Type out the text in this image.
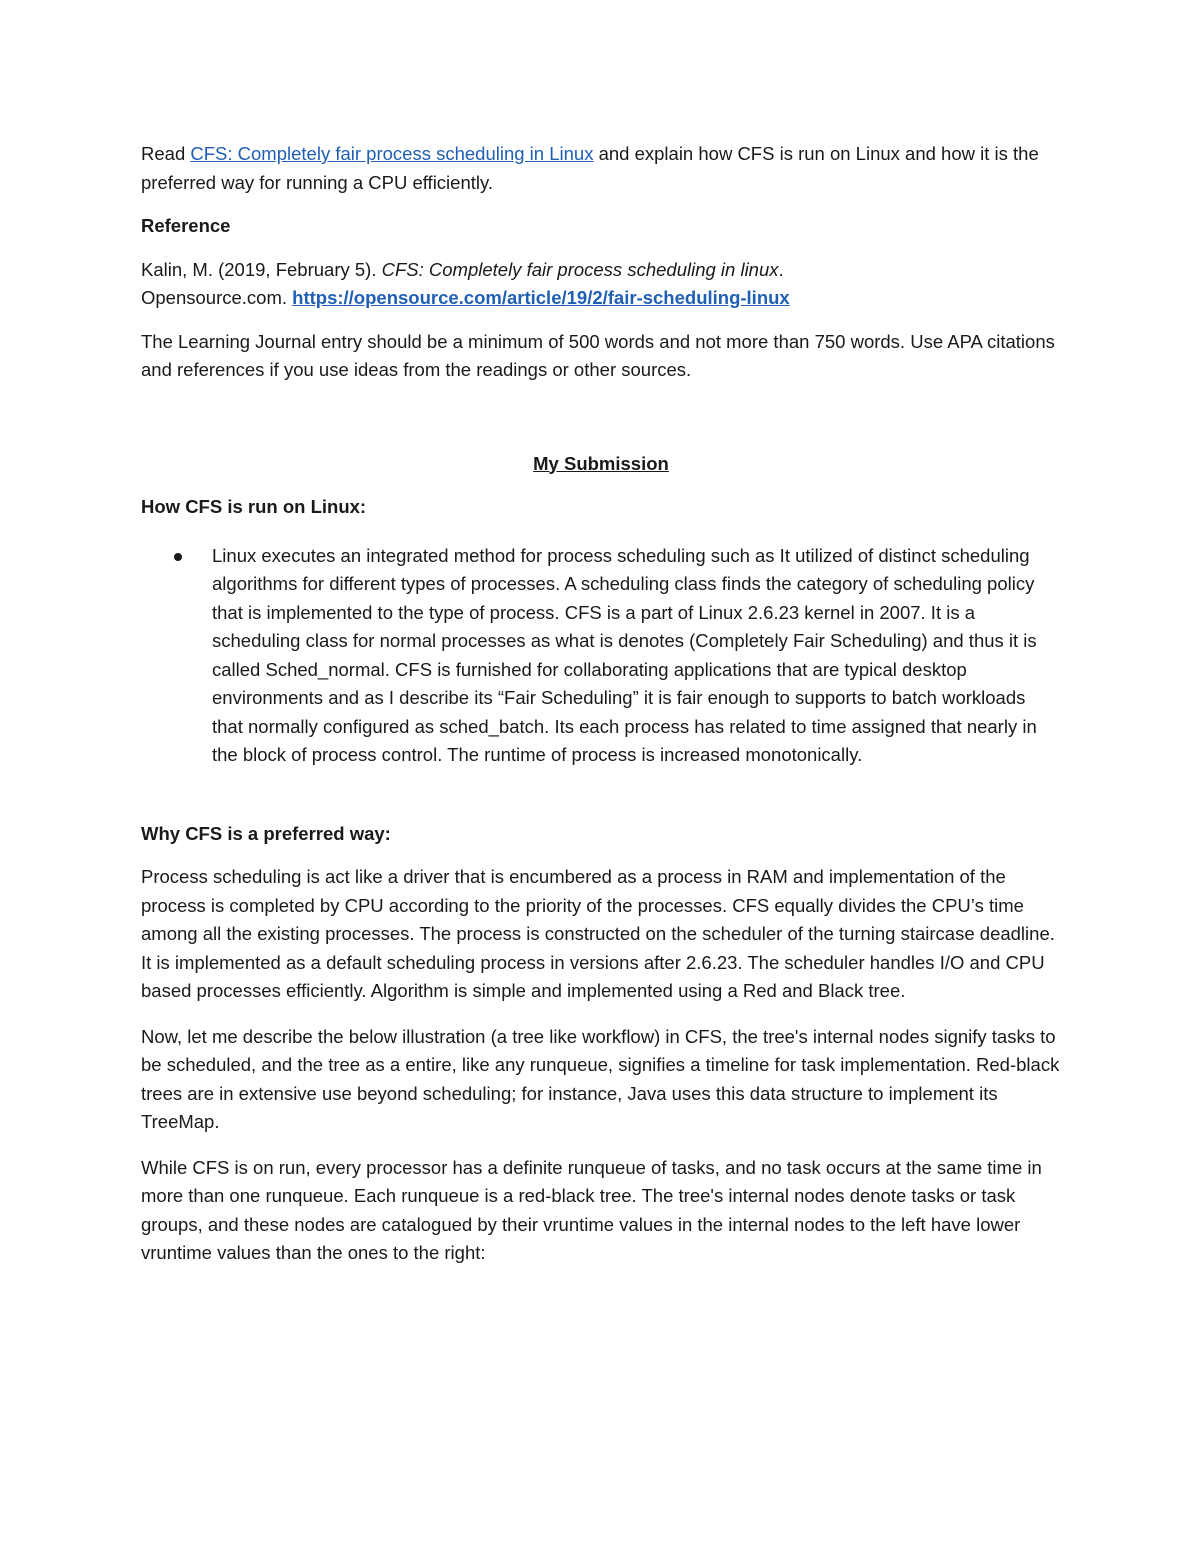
Read CFS: Completely fair process scheduling in Linux and explain how CFS is run on Linux and how it is the preferred way for running a CPU efficiently.

Reference

Kalin, M. (2019, February 5). CFS: Completely fair process scheduling in linux.
Opensource.com. https://opensource.com/article/19/2/fair-scheduling-linux

The Learning Journal entry should be a minimum of 500 words and not more than 750 words. Use APA citations and references if you use ideas from the readings or other sources.

My Submission

How CFS is run on Linux:

Linux executes an integrated method for process scheduling such as It utilized of distinct scheduling algorithms for different types of processes. A scheduling class finds the category of scheduling policy that is implemented to the type of process. CFS is a part of Linux 2.6.23 kernel in 2007. It is a scheduling class for normal processes as what is denotes (Completely Fair Scheduling) and thus it is called Sched_normal. CFS is furnished for collaborating applications that are typical desktop environments and as I describe its “Fair Scheduling” it is fair enough to supports to batch workloads that normally configured as sched_batch. Its each process has related to time assigned that nearly in the block of process control. The runtime of process is increased monotonically.

Why CFS is a preferred way:

Process scheduling is act like a driver that is encumbered as a process in RAM and implementation of the process is completed by CPU according to the priority of the processes. CFS equally divides the CPU’s time among all the existing processes. The process is constructed on the scheduler of the turning staircase deadline. It is implemented as a default scheduling process in versions after 2.6.23. The scheduler handles I/O and CPU based processes efficiently. Algorithm is simple and implemented using a Red and Black tree.

Now, let me describe the below illustration (a tree like workflow) in CFS, the tree's internal nodes signify tasks to be scheduled, and the tree as a entire, like any runqueue, signifies a timeline for task implementation. Red-black trees are in extensive use beyond scheduling; for instance, Java uses this data structure to implement its TreeMap.

While CFS is on run, every processor has a definite runqueue of tasks, and no task occurs at the same time in more than one runqueue. Each runqueue is a red-black tree. The tree's internal nodes denote tasks or task groups, and these nodes are catalogued by their vruntime values in the internal nodes to the left have lower vruntime values than the ones to the right:
